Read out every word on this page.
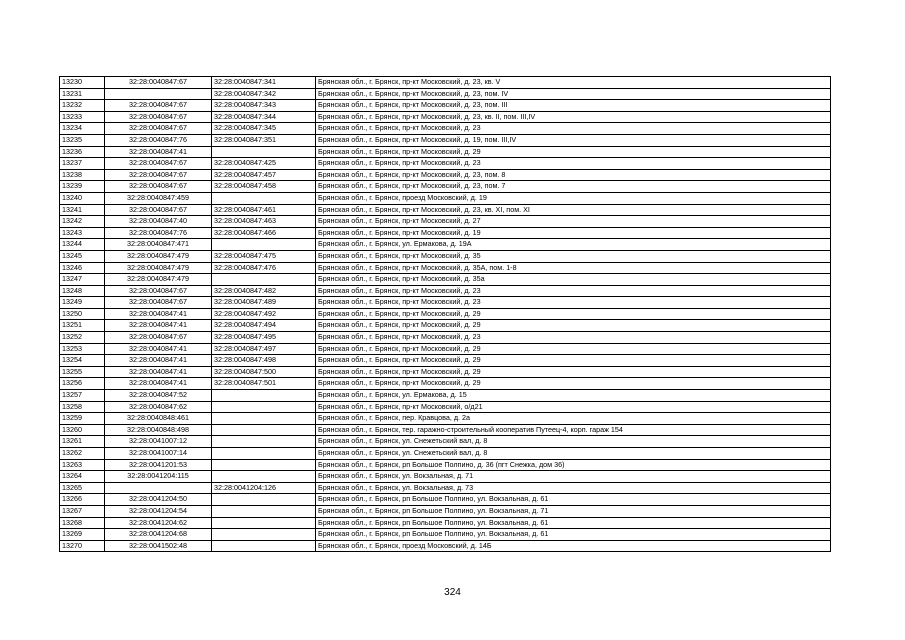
13230	32:28:0040847:67	32:28:0040847:341	Брянская обл., г. Брянск, пр-кт Московский, д. 23, кв. V
13231		32:28:0040847:342	Брянская обл., г. Брянск, пр-кт Московский, д. 23, пом. IV
13232	32:28:0040847:67	32:28:0040847:343	Брянская обл., г. Брянск, пр-кт Московский, д. 23, пом. III
13233	32:28:0040847:67	32:28:0040847:344	Брянская обл., г. Брянск, пр-кт Московский, д. 23, кв. II, пом. III,IV
13234	32:28:0040847:67	32:28:0040847:345	Брянская обл., г. Брянск, пр-кт Московский, д. 23
13235	32:28:0040847:76	32:28:0040847:351	Брянская обл., г. Брянск, пр-кт Московский, д. 19, пом. III,IV
13236	32:28:0040847:41		Брянская обл., г. Брянск, пр-кт Московский, д. 29
13237	32:28:0040847:67	32:28:0040847:425	Брянская обл., г. Брянск, пр-кт Московский, д. 23
13238	32:28:0040847:67	32:28:0040847:457	Брянская обл., г. Брянск, пр-кт Московский, д. 23, пом. 8
13239	32:28:0040847:67	32:28:0040847:458	Брянская обл., г. Брянск, пр-кт Московский, д. 23, пом. 7
13240	32:28:0040847:459		Брянская обл., г. Брянск, проезд Московский, д. 19
13241	32:28:0040847:67	32:28:0040847:461	Брянская обл., г. Брянск, пр-кт Московский, д. 23, кв. XI, пом. XI
13242	32:28:0040847:40	32:28:0040847:463	Брянская обл., г. Брянск, пр-кт Московский, д. 27
13243	32:28:0040847:76	32:28:0040847:466	Брянская обл., г. Брянск, пр-кт Московский, д. 19
13244	32:28:0040847:471		Брянская обл., г. Брянск, ул. Ермакова, д. 19А
13245	32:28:0040847:479	32:28:0040847:475	Брянская обл., г. Брянск, пр-кт Московский, д. 35
13246	32:28:0040847:479	32:28:0040847:476	Брянская обл., г. Брянск, пр-кт Московский, д. 35А, пом. 1-8
13247	32:28:0040847:479		Брянская обл., г. Брянск, пр-кт Московский, д. 35а
13248	32:28:0040847:67	32:28:0040847:482	Брянская обл., г. Брянск, пр-кт Московский, д. 23
13249	32:28:0040847:67	32:28:0040847:489	Брянская обл., г. Брянск, пр-кт Московский, д. 23
13250	32:28:0040847:41	32:28:0040847:492	Брянская обл., г. Брянск, пр-кт Московский, д. 29
13251	32:28:0040847:41	32:28:0040847:494	Брянская обл., г. Брянск, пр-кт Московский, д. 29
13252	32:28:0040847:67	32:28:0040847:495	Брянская обл., г. Брянск, пр-кт Московский, д. 23
13253	32:28:0040847:41	32:28:0040847:497	Брянская обл., г. Брянск, пр-кт Московский, д. 29
13254	32:28:0040847:41	32:28:0040847:498	Брянская обл., г. Брянск, пр-кт Московский, д. 29
13255	32:28:0040847:41	32:28:0040847:500	Брянская обл., г. Брянск, пр-кт Московский, д. 29
13256	32:28:0040847:41	32:28:0040847:501	Брянская обл., г. Брянск, пр-кт Московский, д. 29
13257	32:28:0040847:52		Брянская обл., г. Брянск, ул. Ермакова, д. 15
13258	32:28:0040847:62		Брянская обл., г. Брянск, пр-кт Московский, о/д21
13259	32:28:0040848:461		Брянская обл., г. Брянск, пер. Кравцова, д. 2а
13260	32:28:0040848:498		Брянская обл., г. Брянск, тер. гаражно-строительный кооператив Путеец-4, корп. гараж 154
13261	32:28:0041007:12		Брянская обл., г. Брянск, ул. Снежетьский вал, д. 8
13262	32:28:0041007:14		Брянская обл., г. Брянск, ул. Снежетьский вал, д. 8
13263	32:28:0041201:53		Брянская обл., г. Брянск, рп Большое Полпино, д. 36 (пгт Снежка, дом 36)
13264	32:28:0041204:115		Брянская обл., г. Брянск, ул. Вокзальная, д. 71
13265		32:28:0041204:126	Брянская обл., г. Брянск, ул. Вокзальная, д. 73
13266	32:28:0041204:50		Брянская обл., г. Брянск, рп Большое Полпино, ул. Вокзальная, д. 61
13267	32:28:0041204:54		Брянская обл., г. Брянск, рп Большое Полпино, ул. Вокзальная, д. 71
13268	32:28:0041204:62		Брянская обл., г. Брянск, рп Большое Полпино, ул. Вокзальная, д. 61
13269	32:28:0041204:68		Брянская обл., г. Брянск, рп Большое Полпино, ул. Вокзальная, д. 61
13270	32:28:0041502:48		Брянская обл., г. Брянск, проезд Московский, д. 14Б
324
